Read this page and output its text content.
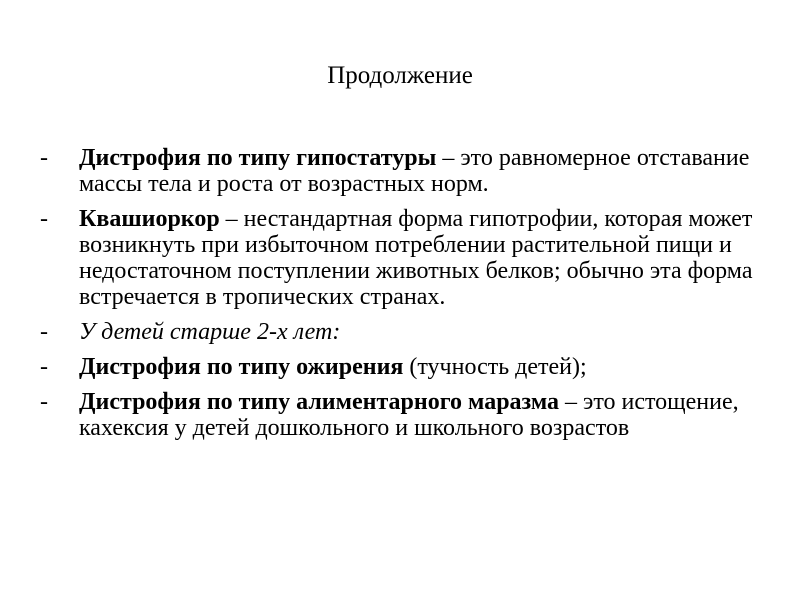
Продолжение
-	Дистрофия по типу гипостатуры – это равномерное отставание массы тела и роста от возрастных норм.
-	Квашиоркор – нестандартная форма гипотрофии, которая может возникнуть при избыточном потреблении растительной пищи и недостаточном поступлении животных белков; обычно эта форма встречается в тропических странах.
-	У детей старше 2-х лет:
-	Дистрофия по типу ожирения (тучность детей);
-	Дистрофия по типу алиментарного маразма – это истощение, кахексия у детей дошкольного и школьного возрастов
